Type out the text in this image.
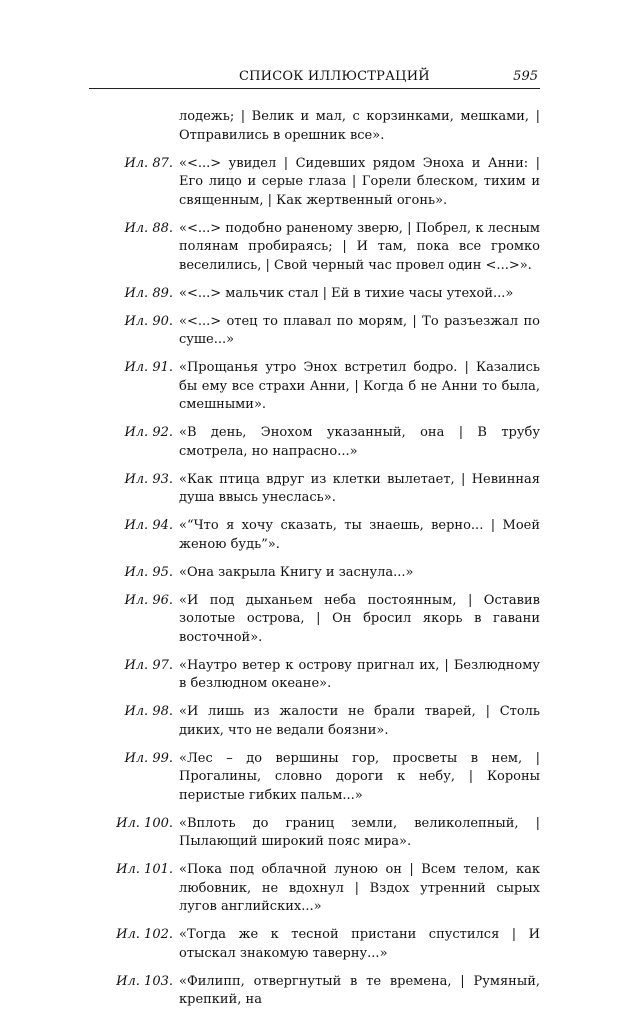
СПИСОК ИЛЛЮСТРАЦИЙ	595
лодежь; | Велик и мал, с корзинками, мешками, | Отправились в орешник все».
Ил. 87. «<...> увидел | Сидевших рядом Эноха и Анни: | Его лицо и серые глаза | Горели блеском, тихим и священным, | Как жертвенный огонь».
Ил. 88. «<...> подобно раненому зверю, | Побрел, к лесным полянам пробираясь; | И там, пока все громко веселились, | Свой черный час провел один <...>».
Ил. 89. «<...> мальчик стал | Ей в тихие часы утехой...»
Ил. 90. «<...> отец то плавал по морям, | То разъезжал по суше...»
Ил. 91. «Прощанья утро Энох встретил бодро. | Казались бы ему все страхи Анни, | Когда б не Анни то была, смешными».
Ил. 92. «В день, Энохом указанный, она | В трубу смотрела, но напрасно...»
Ил. 93. «Как птица вдруг из клетки вылетает, | Невинная душа ввысь унеслась».
Ил. 94. «“Что я хочу сказать, ты знаешь, верно... | Моей женою будь”».
Ил. 95. «Она закрыла Книгу и заснула...»
Ил. 96. «И под дыханьем неба постоянным, | Оставив золотые острова, | Он бросил якорь в гавани восточной».
Ил. 97. «Наутро ветер к острову пригнал их, | Безлюдному в безлюдном океане».
Ил. 98. «И лишь из жалости не брали тварей, | Столь диких, что не ведали боязни».
Ил. 99. «Лес – до вершины гор, просветы в нем, | Прогалины, словно дороги к небу, | Короны перистые гибких пальм...»
Ил. 100. «Вплоть до границ земли, великолепный, | Пылающий широкий пояс мира».
Ил. 101. «Пока под облачной луною он | Всем телом, как любовник, не вдохнул | Вздох утренний сырых лугов английских...»
Ил. 102. «Тогда же к тесной пристани спустился | И отыскал знакомую таверну...»
Ил. 103. «Филипп, отвергнутый в те времена, | Румяный, крепкий, на
